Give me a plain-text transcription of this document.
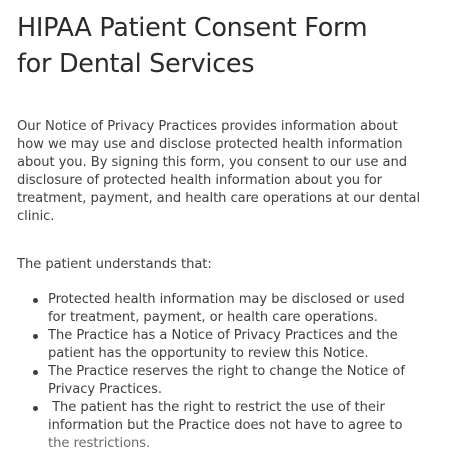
HIPAA Patient Consent Form
for Dental Services
Our Notice of Privacy Practices provides information about
how we may use and disclose protected health information
about you. By signing this form, you consent to our use and
disclosure of protected health information about you for
treatment, payment, and health care operations at our dental
clinic.
The patient understands that:
Protected health information may be disclosed or used
for treatment, payment, or health care operations.
The Practice has a Notice of Privacy Practices and the
patient has the opportunity to review this Notice.
The Practice reserves the right to change the Notice of
Privacy Practices.
The patient has the right to restrict the use of their
information but the Practice does not have to agree to
the restrictions.
